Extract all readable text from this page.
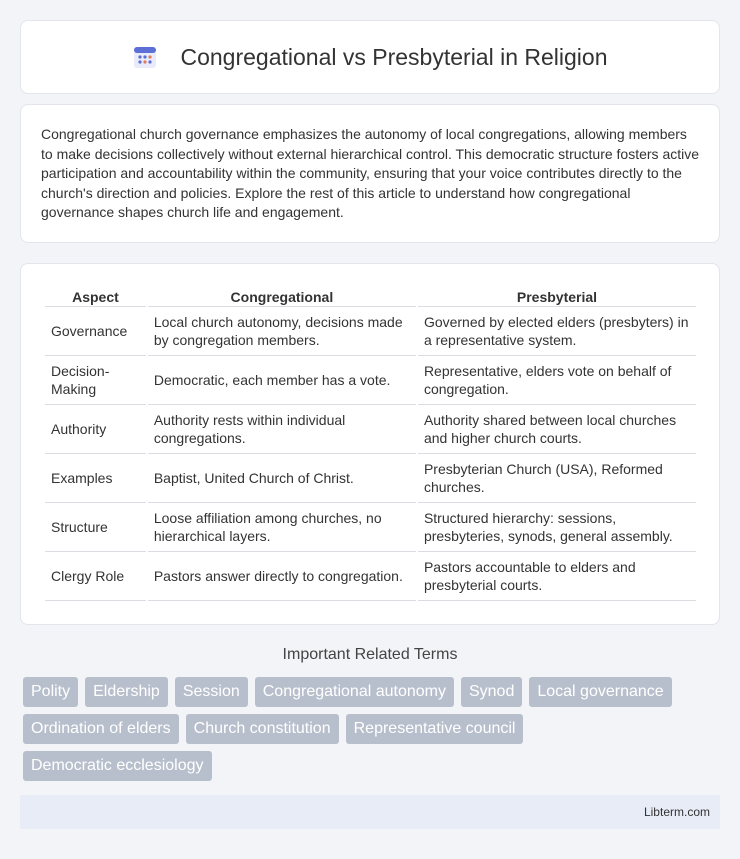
Congregational vs Presbyterial in Religion

Congregational church governance emphasizes the autonomy of local congregations, allowing members to make decisions collectively without external hierarchical control. This democratic structure fosters active participation and accountability within the community, ensuring that your voice contributes directly to the church's direction and policies. Explore the rest of this article to understand how congregational governance shapes church life and engagement.

Aspect	Congregational	Presbyterial
Governance	Local church autonomy, decisions made by congregation members.	Governed by elected elders (presbyters) in a representative system.
Decision-Making	Democratic, each member has a vote.	Representative, elders vote on behalf of congregation.
Authority	Authority rests within individual congregations.	Authority shared between local churches and higher church courts.
Examples	Baptist, United Church of Christ.	Presbyterian Church (USA), Reformed churches.
Structure	Loose affiliation among churches, no hierarchical layers.	Structured hierarchy: sessions, presbyteries, synods, general assembly.
Clergy Role	Pastors answer directly to congregation.	Pastors accountable to elders and presbyterial courts.
Important Related Terms
Polity	Eldership	Session	Congregational autonomy	Synod	Local governance
Ordination of elders	Church constitution	Representative council
Democratic ecclesiology
Libterm.com
